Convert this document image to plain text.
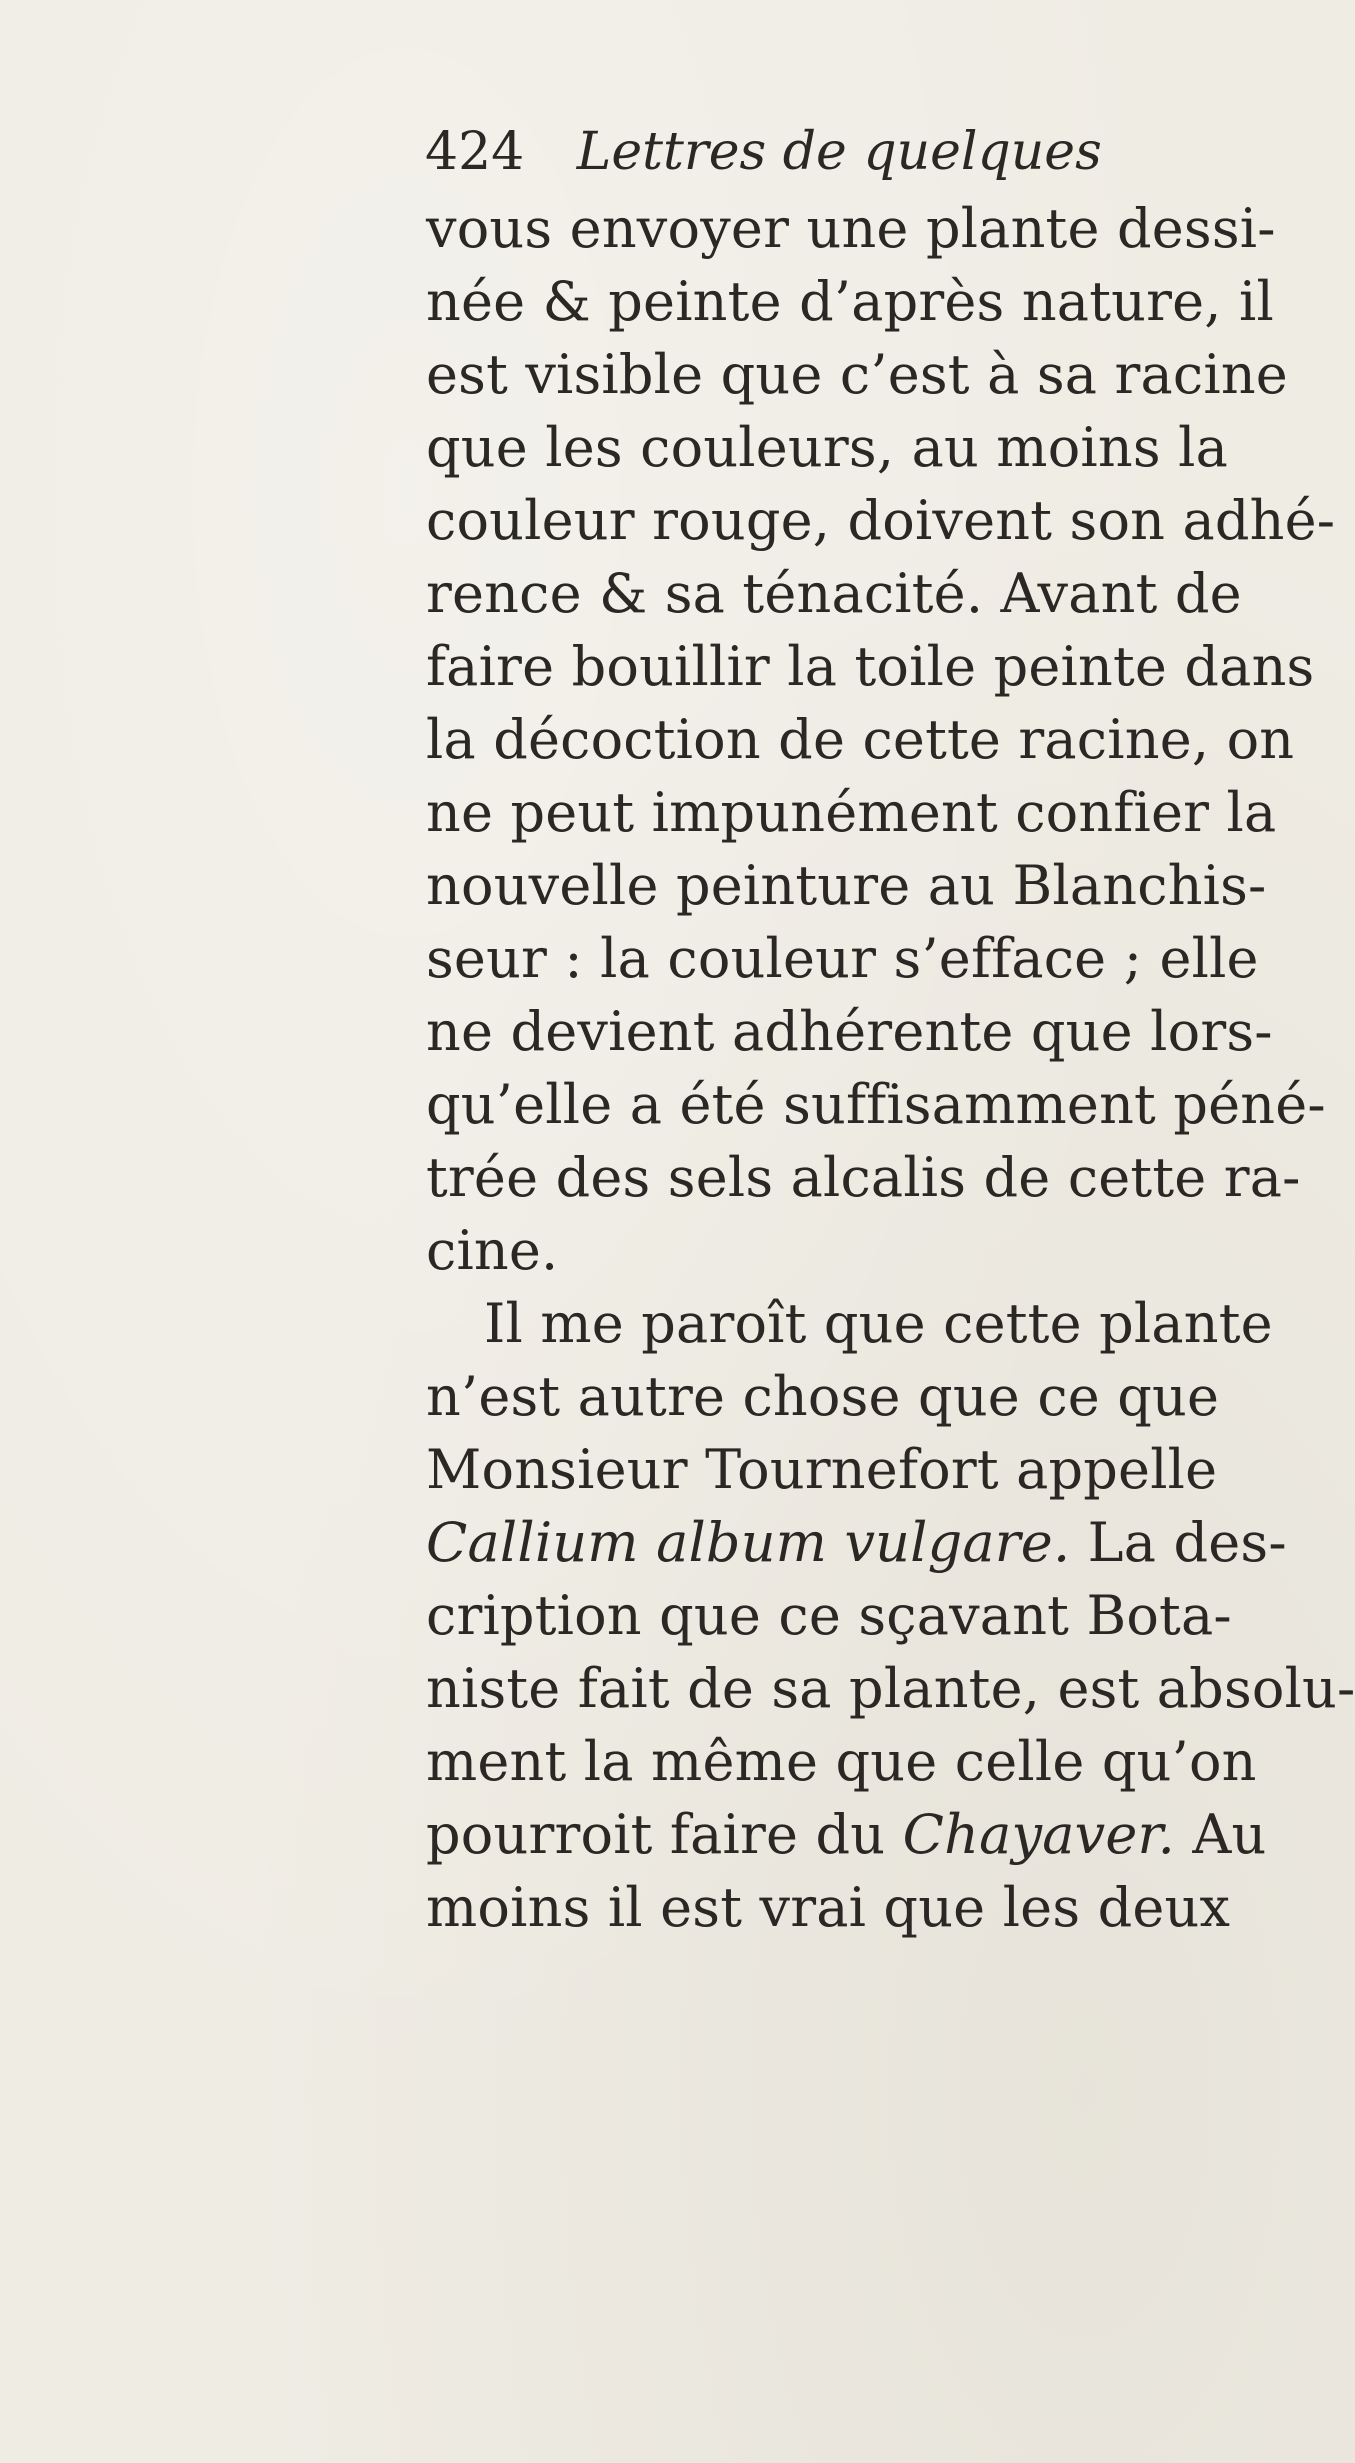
424 Lettres de quelques
vous envoyer une plante dessi-
née & peinte d’après nature, il
est visible que c’est à sa racine
que les couleurs, au moins la
couleur rouge, doivent son adhé-
rence & sa ténacité. Avant de
faire bouillir la toile peinte dans
la décoction de cette racine, on
ne peut impunément confier la
nouvelle peinture au Blanchis-
seur : la couleur s’efface ; elle
ne devient adhérente que lors-
qu’elle a été suffisamment péné-
trée des sels alcalis de cette ra-
cine.
Il me paroît que cette plante
n’est autre chose que ce que
Monsieur Tournefort appelle
Callium album vulgare. La des-
cription que ce sçavant Bota-
niste fait de sa plante, est absolu-
ment la même que celle qu’on
pourroit faire du Chayaver. Au
moins il est vrai que les deux
